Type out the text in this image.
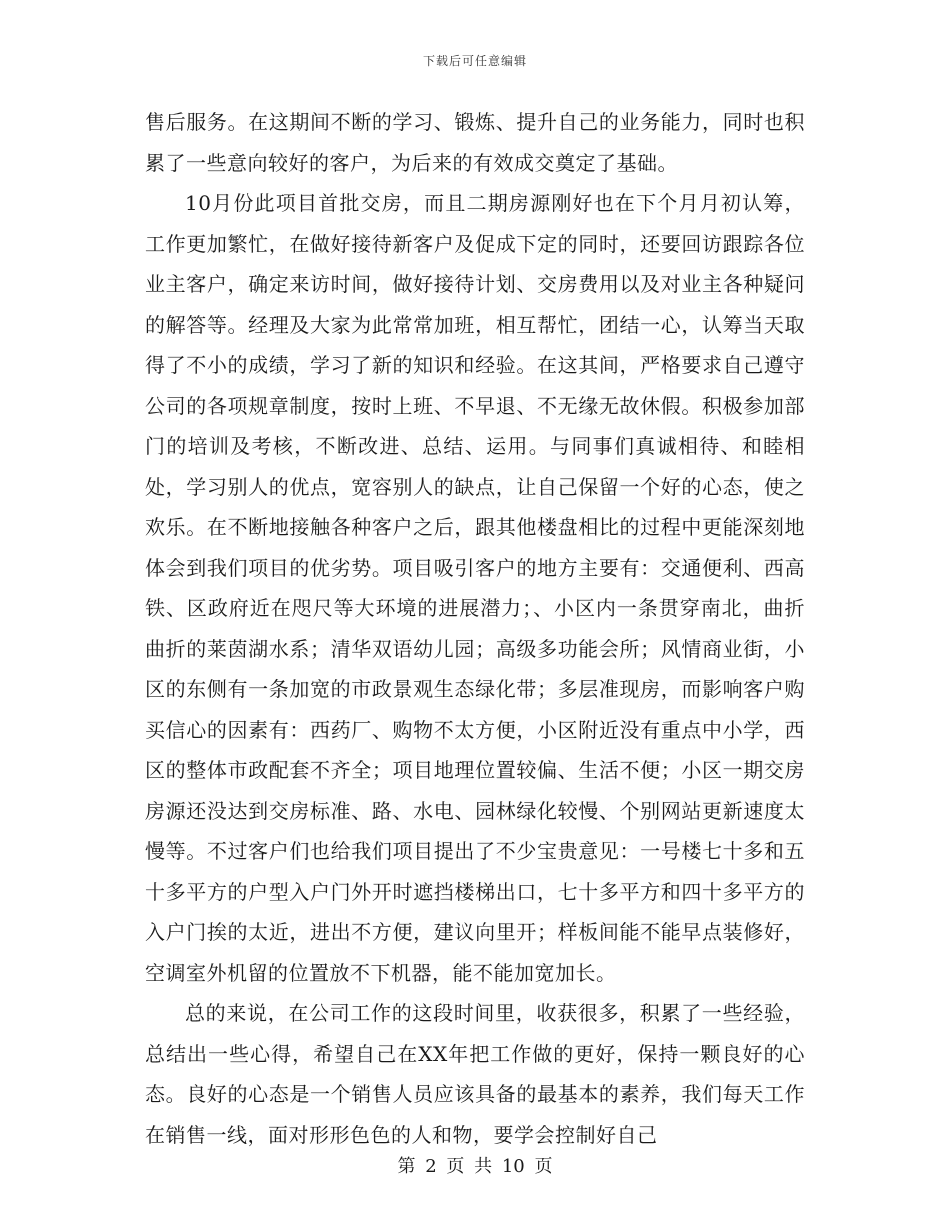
下载后可任意编辑

售后服务。在这期间不断的学习、锻炼、提升自己的业务能力，同时也积累了一些意向较好的客户，为后来的有效成交奠定了基础。

10月份此项目首批交房，而且二期房源刚好也在下个月月初认筹，工作更加繁忙，在做好接待新客户及促成下定的同时，还要回访跟踪各位业主客户，确定来访时间，做好接待计划、交房费用以及对业主各种疑问的解答等。经理及大家为此常常加班，相互帮忙，团结一心，认筹当天取得了不小的成绩，学习了新的知识和经验。在这其间，严格要求自己遵守公司的各项规章制度，按时上班、不早退、不无缘无故休假。积极参加部门的培训及考核，不断改进、总结、运用。与同事们真诚相待、和睦相处，学习别人的优点，宽容别人的缺点，让自己保留一个好的心态，使之欢乐。在不断地接触各种客户之后，跟其他楼盘相比的过程中更能深刻地体会到我们项目的优劣势。项目吸引客户的地方主要有：交通便利、西高铁、区政府近在咫尺等大环境的进展潜力；、小区内一条贯穿南北，曲折曲折的莱茵湖水系；清华双语幼儿园；高级多功能会所；风情商业街，小区的东侧有一条加宽的市政景观生态绿化带；多层准现房，而影响客户购买信心的因素有：西药厂、购物不太方便，小区附近没有重点中小学，西区的整体市政配套不齐全；项目地理位置较偏、生活不便；小区一期交房房源还没达到交房标准、路、水电、园林绿化较慢、个别网站更新速度太慢等。不过客户们也给我们项目提出了不少宝贵意见：一号楼七十多和五十多平方的户型入户门外开时遮挡楼梯出口，七十多平方和四十多平方的入户门挨的太近，进出不方便，建议向里开；样板间能不能早点装修好，空调室外机留的位置放不下机器，能不能加宽加长。

总的来说，在公司工作的这段时间里，收获很多，积累了一些经验，总结出一些心得，希望自己在XX年把工作做的更好，保持一颗良好的心态。良好的心态是一个销售人员应该具备的最基本的素养，我们每天工作在销售一线，面对形形色色的人和物，要学会控制好自己

第 2 页 共 10 页
